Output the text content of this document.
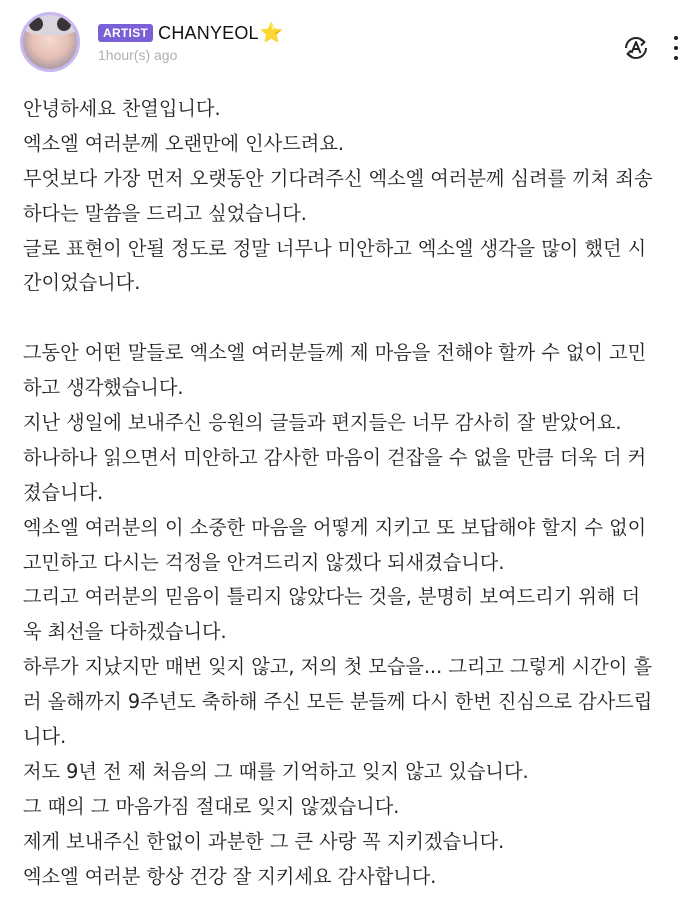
ARTIST CHANYEOL ⭐
1hour(s) ago
안녕하세요 찬열입니다.
엑소엘 여러분께 오랜만에 인사드려요.
무엇보다 가장 먼저 오랫동안 기다려주신 엑소엘 여러분께 심려를 끼쳐 죄송
하다는 말씀을 드리고 싶었습니다.
글로 표현이 안될 정도로 정말 너무나 미안하고 엑소엘 생각을 많이 했던 시
간이었습니다.
그동안 어떤 말들로 엑소엘 여러분들께 제 마음을 전해야 할까 수 없이 고민
하고 생각했습니다.
지난 생일에 보내주신 응원의 글들과 편지들은 너무 감사히 잘 받았어요.
하나하나 읽으면서 미안하고 감사한 마음이 걷잡을 수 없을 만큼 더욱 더 커
졌습니다.
엑소엘 여러분의 이 소중한 마음을 어떻게 지키고 또 보답해야 할지 수 없이
고민하고 다시는 걱정을 안겨드리지 않겠다 되새겼습니다.
그리고 여러분의 믿음이 틀리지 않았다는 것을, 분명히 보여드리기 위해 더
욱 최선을 다하겠습니다.
하루가 지났지만 매번 잊지 않고, 저의 첫 모습을... 그리고 그렇게 시간이 흘
러 올해까지 9주년도 축하해 주신 모든 분들께 다시 한번 진심으로 감사드립
니다.
저도 9년 전 제 처음의 그 때를 기억하고 잊지 않고 있습니다.
그 때의 그 마음가짐 절대로 잊지 않겠습니다.
제게 보내주신 한없이 과분한 그 큰 사랑 꼭 지키겠습니다.
엑소엘 여러분 항상 건강 잘 지키세요 감사합니다.
